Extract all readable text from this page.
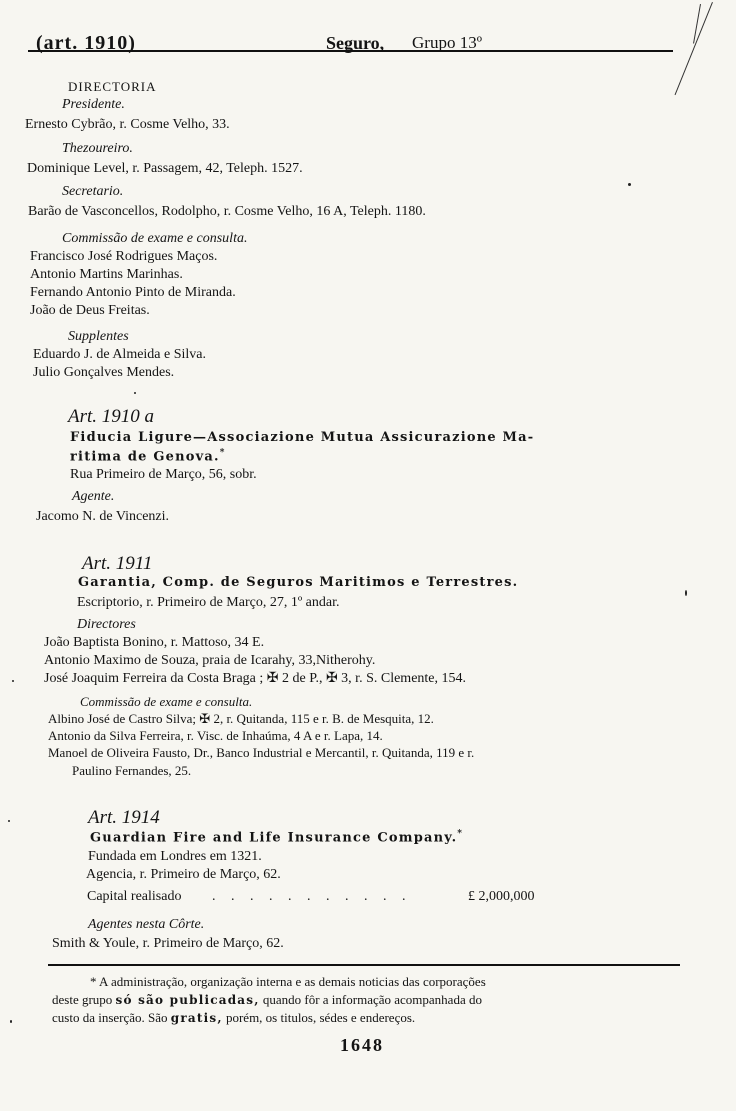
(art. 1910)	Seguro, Grupo 13º
DIRECTORIA
Presidente.
Ernesto Cybrão, r. Cosme Velho, 33.
Thezoureiro.
Dominique Level, r. Passagem, 42, Teleph. 1527.
Secretario.
Barão de Vasconcellos, Rodolpho, r. Cosme Velho, 16 A, Teleph. 1180.
Commissão de exame e consulta.
Francisco José Rodrigues Maços.
Antonio Martins Marinhas.
Fernando Antonio Pinto de Miranda.
João de Deus Freitas.
Supplentes
Eduardo J. de Almeida e Silva.
Julio Gonçalves Mendes.
Art. 1910 a
Fiducia Ligure—Associazione Mutua Assicurazione Ma-
ritima de Genova.*
Rua Primeiro de Março, 56, sobr.
Agente.
Jacomo N. de Vincenzi.
Art. 1911
Garantia, Comp. de Seguros Maritimos e Terrestres.
Escriptorio, r. Primeiro de Março, 27, 1º andar.
Directores
João Baptista Bonino, r. Mattoso, 34 E.
Antonio Maximo de Souza, praia de Icarahy, 33,Nitherohy.
José Joaquim Ferreira da Costa Braga ; ✠ 2 de P., ✠ 3, r. S. Clemente, 154.
Commissão de exame e consulta.
Albino José de Castro Silva; ✠ 2, r. Quitanda, 115 e r. B. de Mesquita, 12.
Antonio da Silva Ferreira, r. Visc. de Inhaúma, 4 A e r. Lapa, 14.
Manoel de Oliveira Fausto, Dr., Banco Industrial e Mercantil, r. Quitanda, 119 e r.
Paulino Fernandes, 25.
Art. 1914
Guardian Fire and Life Insurance Company.*
Fundada em Londres em 1321.
Agencia, r. Primeiro de Março, 62.
Capital realisado . . . . . . . . . . .	£ 2,000,000
Agentes nesta Côrte.
Smith & Youle, r. Primeiro de Março, 62.
* A administração, organização interna e as demais noticias das corporações
deste grupo só são publicadas, quando fôr a informação acompanhada do
custo da inserção. São gratis, porém, os titulos, sédes e endereços.
1648
